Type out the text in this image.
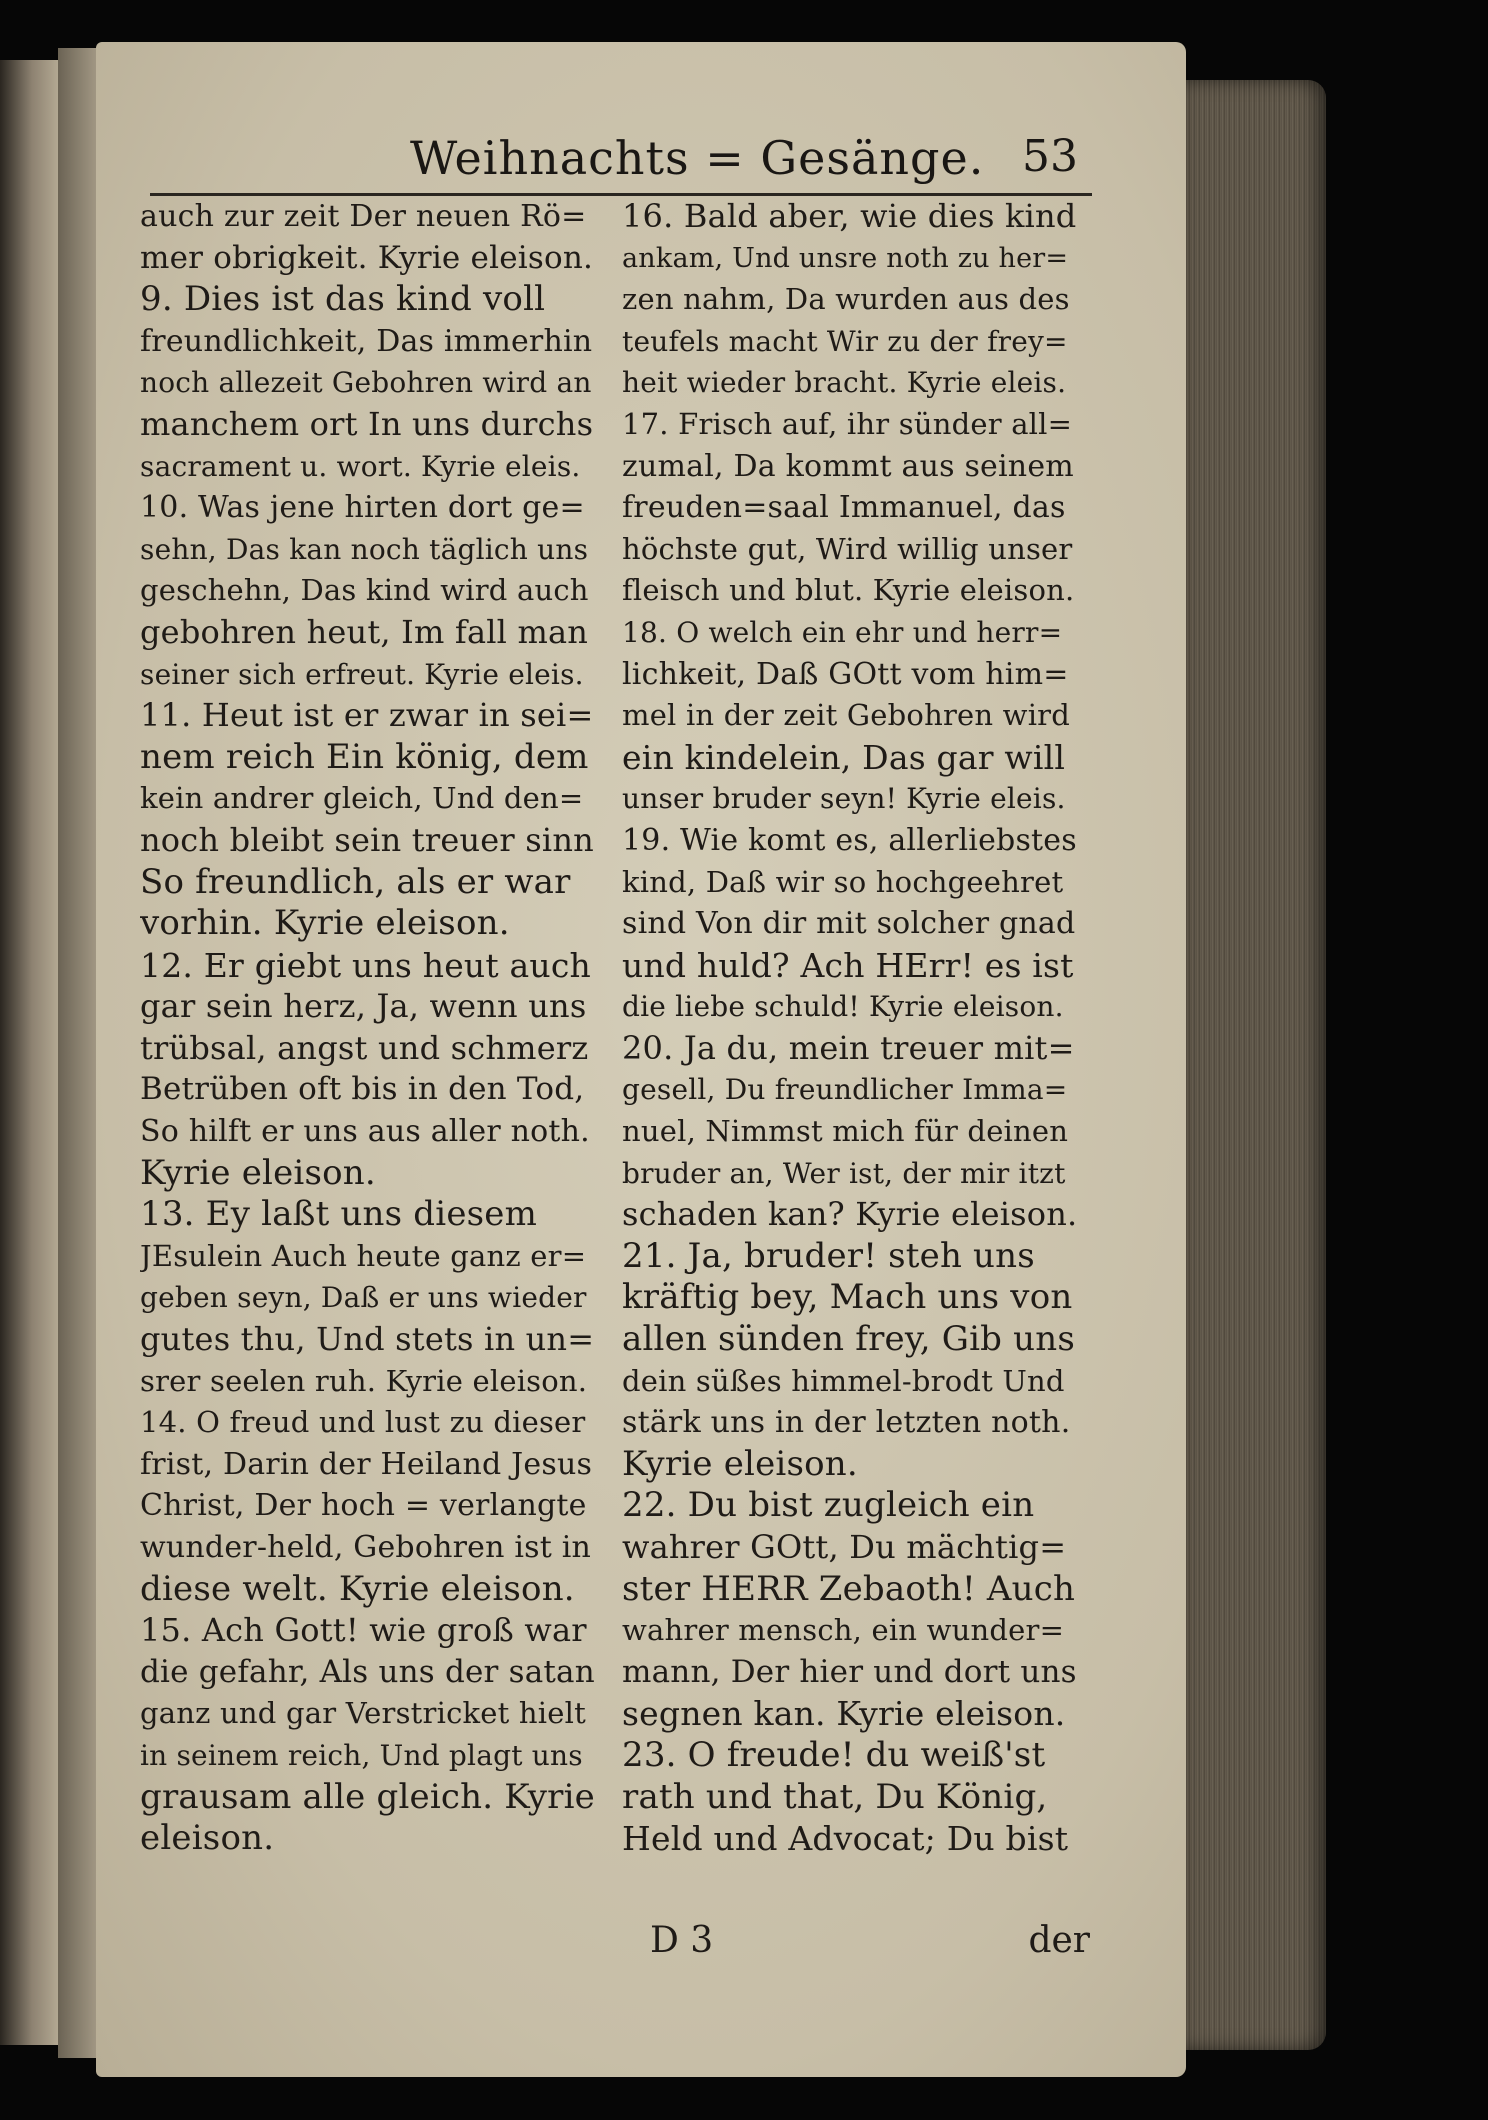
Weihnachts = Gesänge. 53
auch zur zeit Der neuen Rö=
mer obrigkeit. Kyrie eleison.
9. Dies ist das kind voll
freundlichkeit, Das immerhin
noch allezeit Gebohren wird an
manchem ort In uns durchs
sacrament u. wort. Kyrie eleis.
10. Was jene hirten dort ge=
sehn, Das kan noch täglich uns
geschehn, Das kind wird auch
gebohren heut, Im fall man
seiner sich erfreut. Kyrie eleis.
11. Heut ist er zwar in sei=
nem reich Ein könig, dem
kein andrer gleich, Und den=
noch bleibt sein treuer sinn
So freundlich, als er war
vorhin. Kyrie eleison.
12. Er giebt uns heut auch
gar sein herz, Ja, wenn uns
trübsal, angst und schmerz
Betrüben oft bis in den Tod,
So hilft er uns aus aller noth.
Kyrie eleison.
13. Ey laßt uns diesem
JEsulein Auch heute ganz er=
geben seyn, Daß er uns wieder
gutes thu, Und stets in un=
srer seelen ruh. Kyrie eleison.
14. O freud und lust zu dieser
frist, Darin der Heiland Jesus
Christ, Der hoch = verlangte
wunder-held, Gebohren ist in
diese welt. Kyrie eleison.
15. Ach Gott! wie groß war
die gefahr, Als uns der satan
ganz und gar Verstricket hielt
in seinem reich, Und plagt uns
grausam alle gleich. Kyrie
eleison.
16. Bald aber, wie dies kind
ankam, Und unsre noth zu her=
zen nahm, Da wurden aus des
teufels macht Wir zu der frey=
heit wieder bracht. Kyrie eleis.
17. Frisch auf, ihr sünder all=
zumal, Da kommt aus seinem
freuden=saal Immanuel, das
höchste gut, Wird willig unser
fleisch und blut. Kyrie eleison.
18. O welch ein ehr und herr=
lichkeit, Daß GOtt vom him=
mel in der zeit Gebohren wird
ein kindelein, Das gar will
unser bruder seyn! Kyrie eleis.
19. Wie komt es, allerliebstes
kind, Daß wir so hochgeehret
sind Von dir mit solcher gnad
und huld? Ach HErr! es ist
die liebe schuld! Kyrie eleison.
20. Ja du, mein treuer mit=
gesell, Du freundlicher Imma=
nuel, Nimmst mich für deinen
bruder an, Wer ist, der mir itzt
schaden kan? Kyrie eleison.
21. Ja, bruder! steh uns
kräftig bey, Mach uns von
allen sünden frey, Gib uns
dein süßes himmel-brodt Und
stärk uns in der letzten noth.
Kyrie eleison.
22. Du bist zugleich ein
wahrer GOtt, Du mächtig=
ster HERR Zebaoth! Auch
wahrer mensch, ein wunder=
mann, Der hier und dort uns
segnen kan. Kyrie eleison.
23. O freude! du weiß'st
rath und that, Du König,
Held und Advocat; Du bist
D 3	der
